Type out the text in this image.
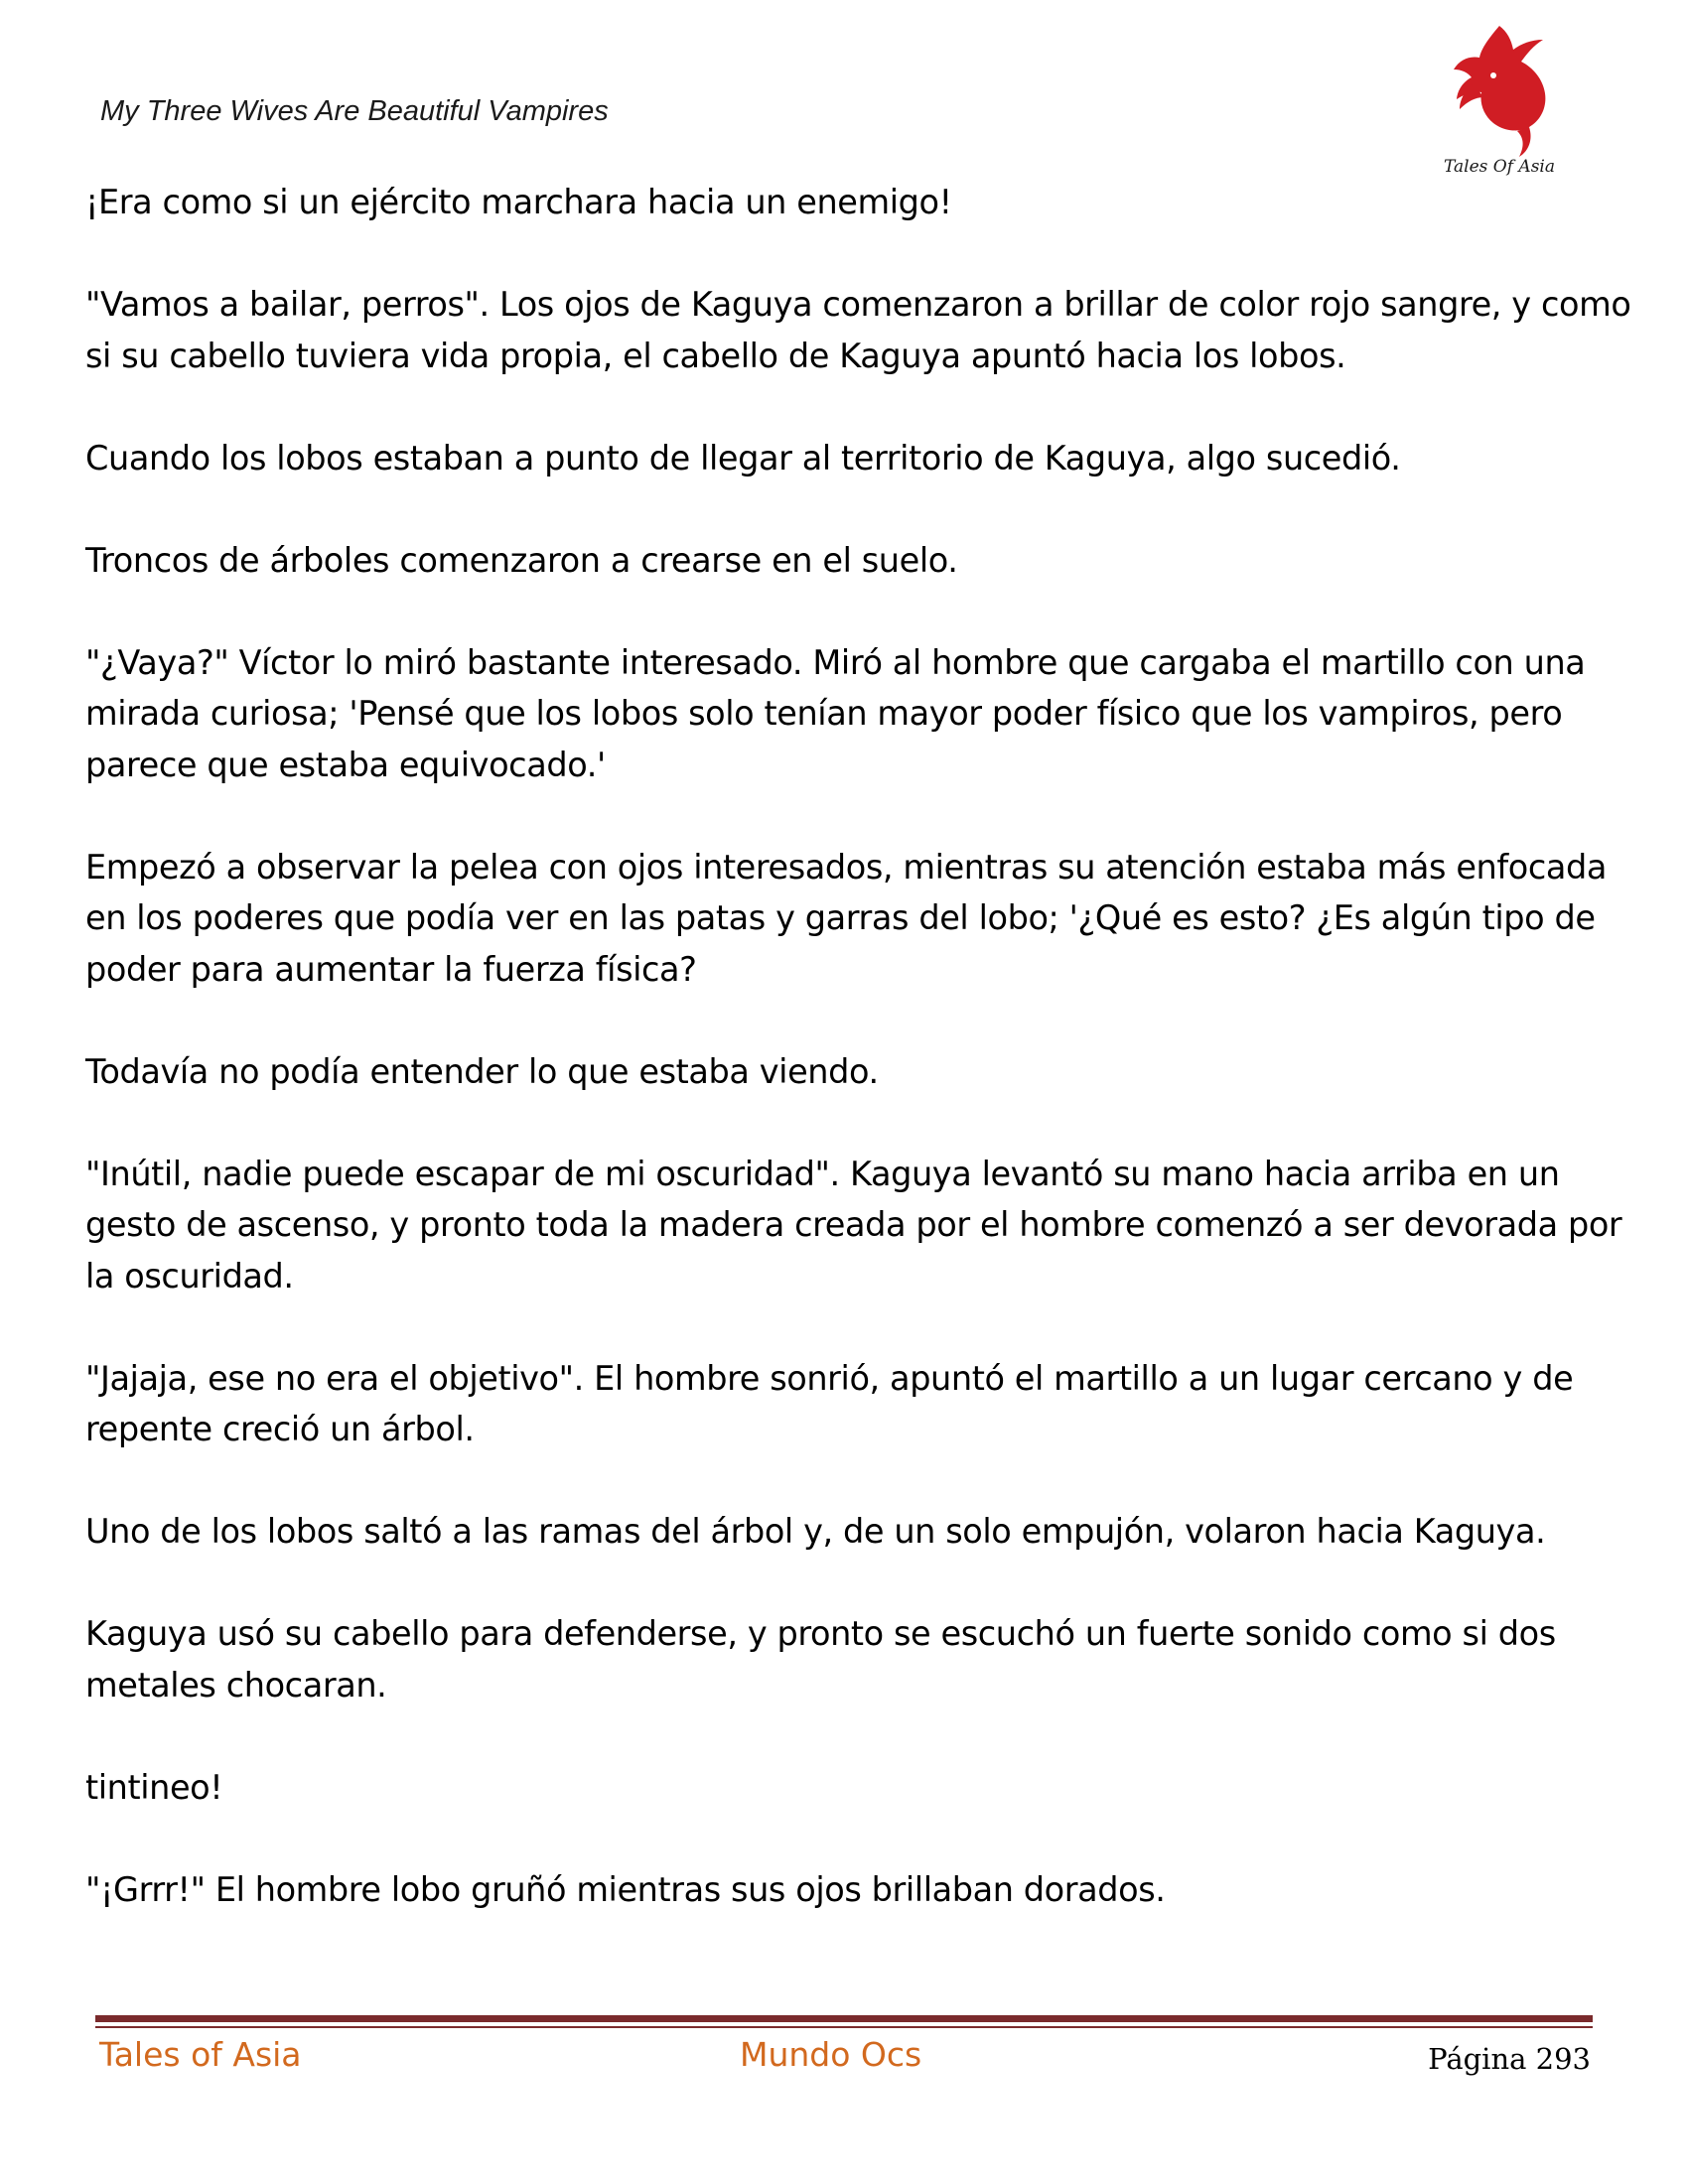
My Three Wives Are Beautiful Vampires
Tales Of Asia

¡Era como si un ejército marchara hacia un enemigo!

"Vamos a bailar, perros". Los ojos de Kaguya comenzaron a brillar de color rojo sangre, y como si su cabello tuviera vida propia, el cabello de Kaguya apuntó hacia los lobos.

Cuando los lobos estaban a punto de llegar al territorio de Kaguya, algo sucedió.

Troncos de árboles comenzaron a crearse en el suelo.

"¿Vaya?" Víctor lo miró bastante interesado. Miró al hombre que cargaba el martillo con una mirada curiosa; 'Pensé que los lobos solo tenían mayor poder físico que los vampiros, pero parece que estaba equivocado.'

Empezó a observar la pelea con ojos interesados, mientras su atención estaba más enfocada en los poderes que podía ver en las patas y garras del lobo; '¿Qué es esto? ¿Es algún tipo de poder para aumentar la fuerza física?

Todavía no podía entender lo que estaba viendo.

"Inútil, nadie puede escapar de mi oscuridad". Kaguya levantó su mano hacia arriba en un gesto de ascenso, y pronto toda la madera creada por el hombre comenzó a ser devorada por la oscuridad.

"Jajaja, ese no era el objetivo". El hombre sonrió, apuntó el martillo a un lugar cercano y de repente creció un árbol.

Uno de los lobos saltó a las ramas del árbol y, de un solo empujón, volaron hacia Kaguya.

Kaguya usó su cabello para defenderse, y pronto se escuchó un fuerte sonido como si dos metales chocaran.

tintineo!

"¡Grrr!" El hombre lobo gruñó mientras sus ojos brillaban dorados.

Tales of Asia	Mundo Ocs	Página 293
